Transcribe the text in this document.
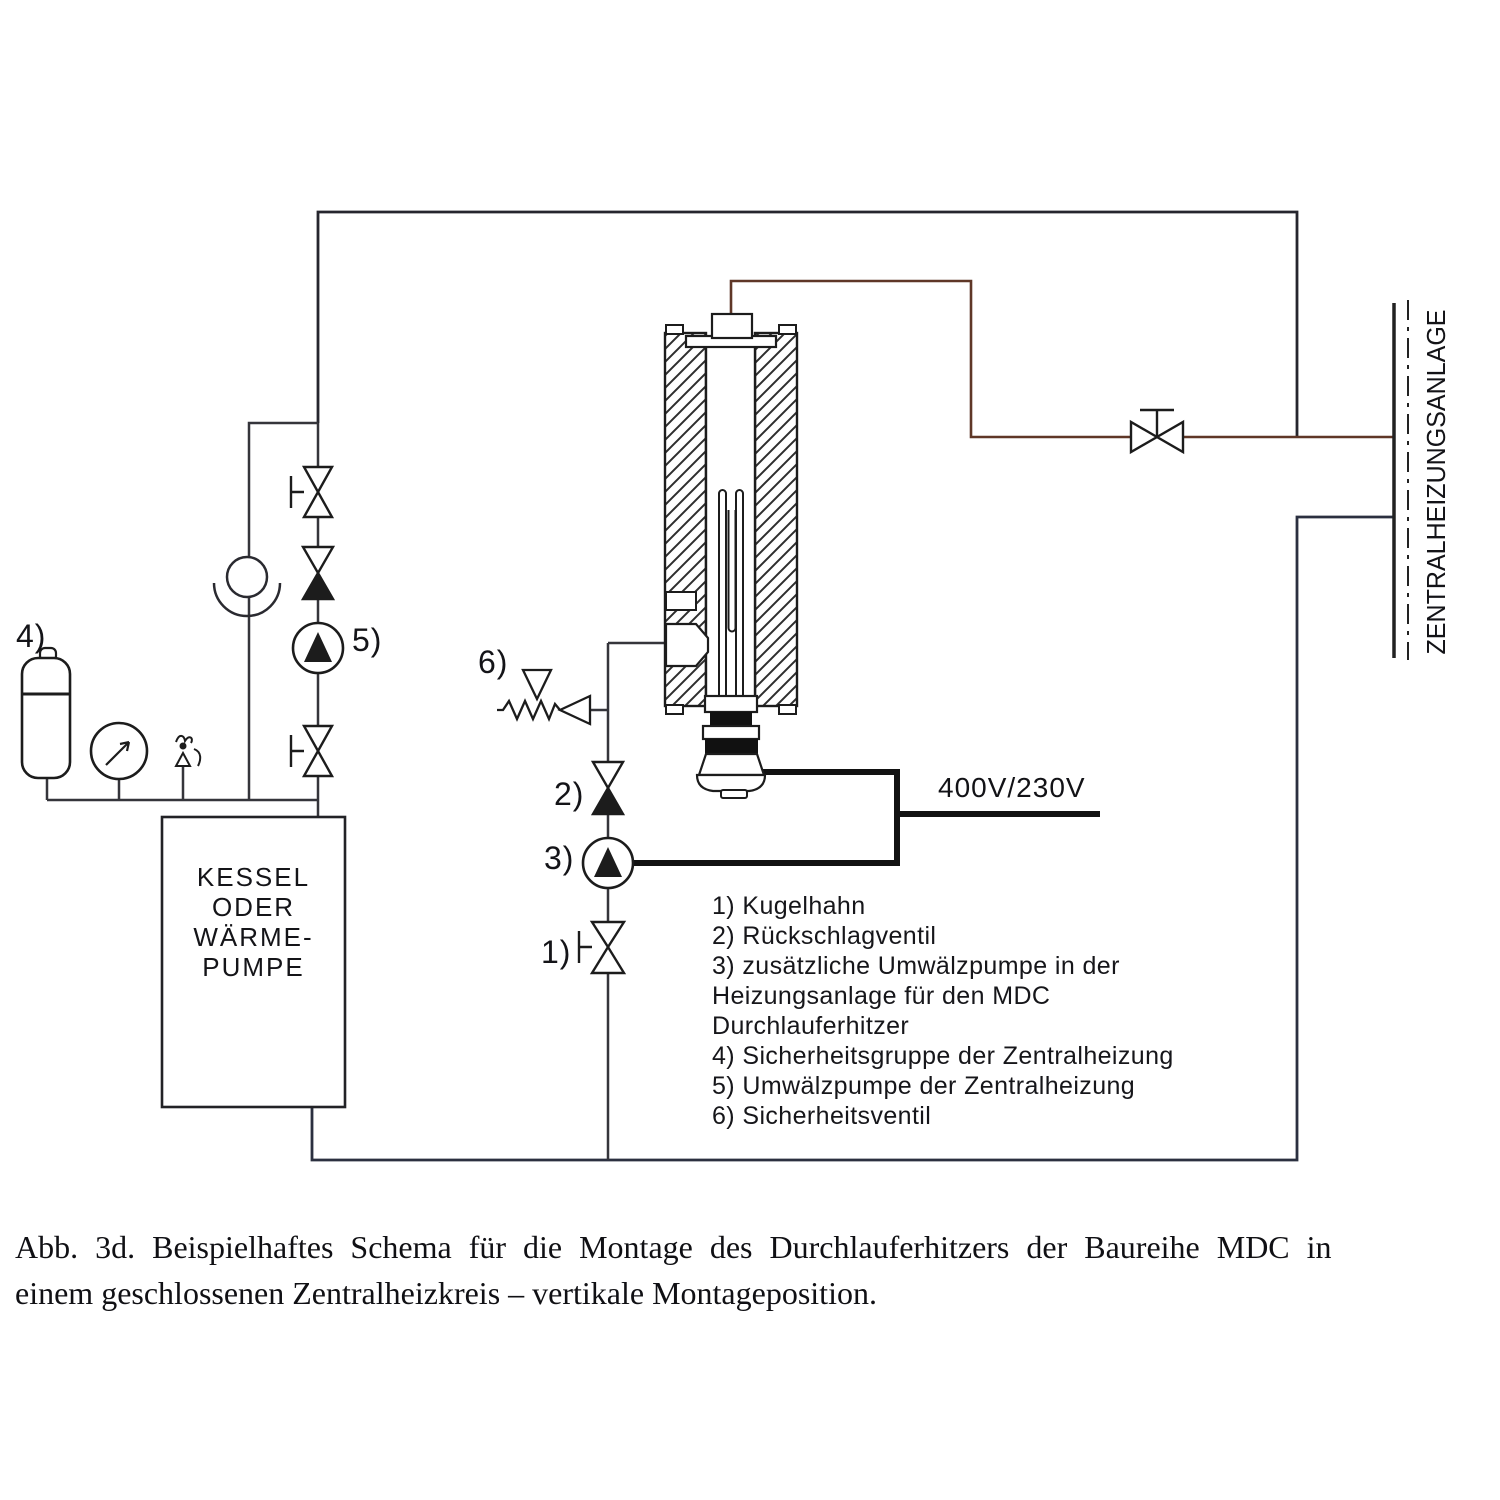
ZENTRALHEIZUNGSANLAGE
4)	5)
6)
2)
3)
1)
KESSEL
ODER
WÄRME-
PUMPE
400V/230V
1) Kugelhahn
2) Rückschlagventil
3) zusätzliche Umwälzpumpe in der
Heizungsanlage für den MDC
Durchlauferhitzer
4) Sicherheitsgruppe der Zentralheizung
5) Umwälzpumpe der Zentralheizung
6) Sicherheitsventil
Abb. 3d. Beispielhaftes Schema für die Montage des Durchlauferhitzers der Baureihe MDC in
einem geschlossenen Zentralheizkreis – vertikale Montageposition.
